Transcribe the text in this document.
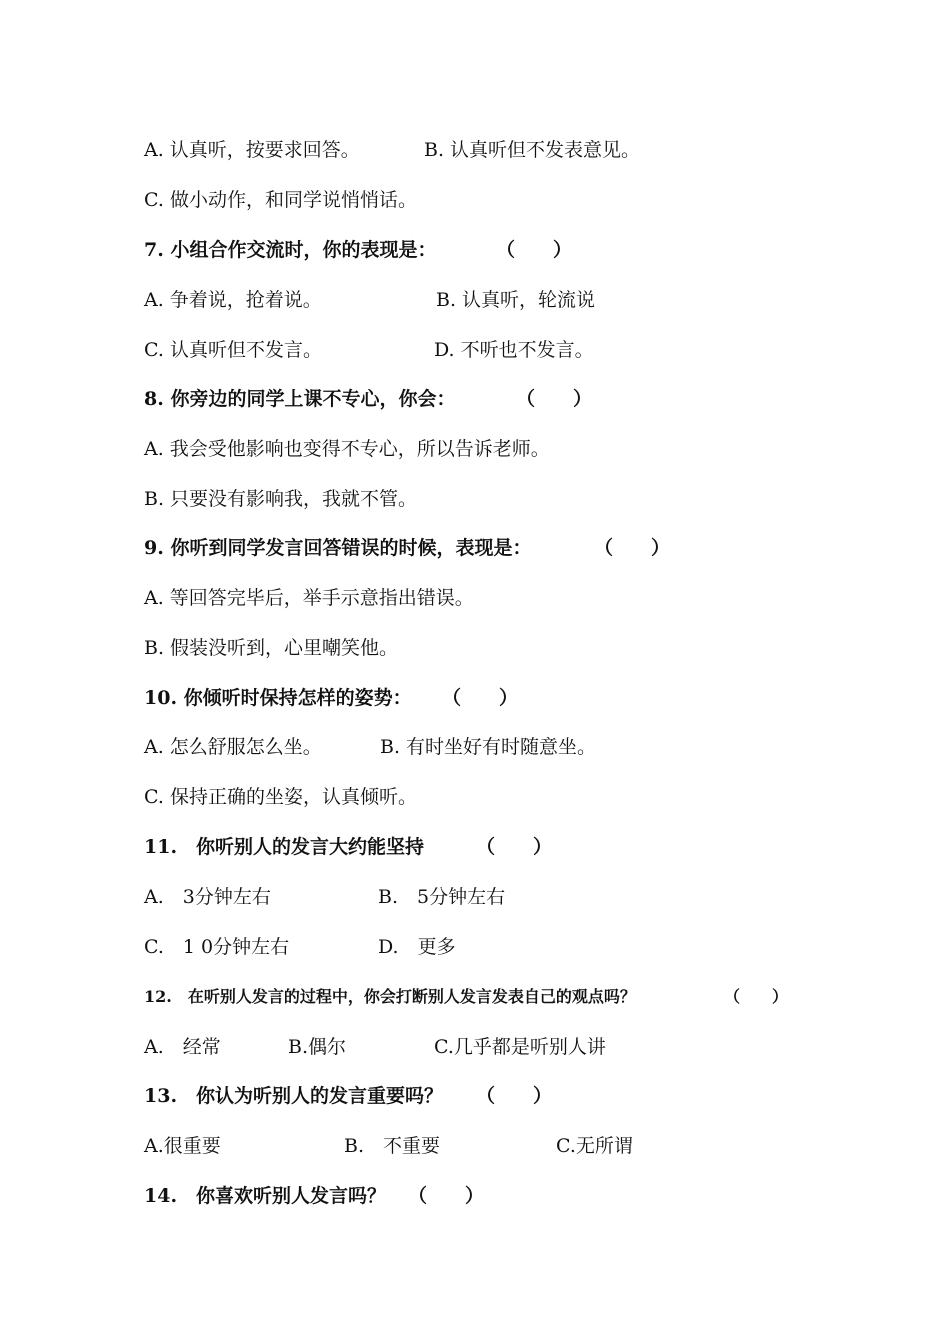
A. 认真听，按要求回答。	B. 认真听但不发表意见。
C. 做小动作，和同学说悄悄话。
7. 小组合作交流时，你的表现是：	（　　）
A. 争着说，抢着说。	B. 认真听，轮流说
C. 认真听但不发言。	D. 不听也不发言。
8. 你旁边的同学上课不专心，你会：	（　　）
A. 我会受他影响也变得不专心，所以告诉老师。
B. 只要没有影响我，我就不管。
9. 你听到同学发言回答错误的时候，表现是：	（　　）
A. 等回答完毕后，举手示意指出错误。
B. 假装没听到，心里嘲笑他。
10. 你倾听时保持怎样的姿势： （　　）
A. 怎么舒服怎么坐。	B. 有时坐好有时随意坐。
C. 保持正确的坐姿，认真倾听。
11.　你听别人的发言大约能坚持	（　　）
A.　3分钟左右	B.　5分钟左右
C.　1 0分钟左右	D.　更多
12.　在听别人发言的过程中，你会打断别人发言发表自己的观点吗？	（　　）
A.　经常	B.偶尔	C.几乎都是听别人讲
13.　你认为听别人的发言重要吗？ （　　）
A.很重要	B.　不重要	C.无所谓
14.　你喜欢听别人发言吗？ （　　）
